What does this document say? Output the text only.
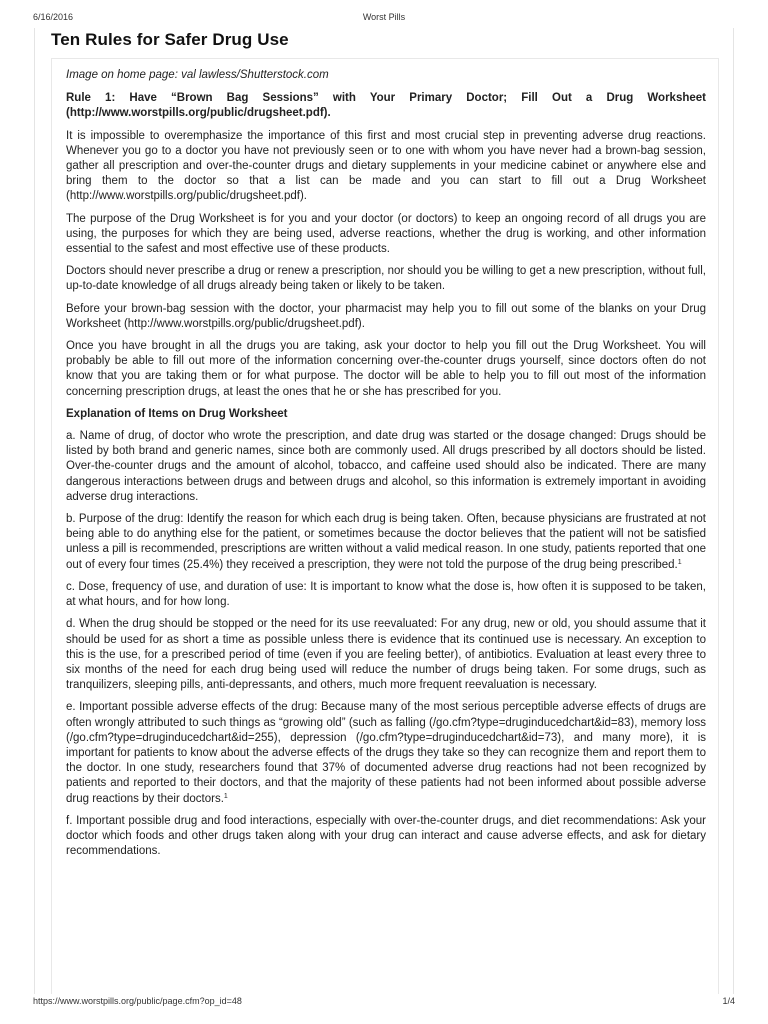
6/16/2016	Worst Pills
Ten Rules for Safer Drug Use

Image on home page: val lawless/Shutterstock.com

Rule 1: Have “Brown Bag Sessions” with Your Primary Doctor; Fill Out a Drug Worksheet (http://www.worstpills.org/public/drugsheet.pdf).

It is impossible to overemphasize the importance of this first and most crucial step in preventing adverse drug reactions. Whenever you go to a doctor you have not previously seen or to one with whom you have never had a brown-bag session, gather all prescription and over-the-counter drugs and dietary supplements in your medicine cabinet or anywhere else and bring them to the doctor so that a list can be made and you can start to fill out a Drug Worksheet (http://www.worstpills.org/public/drugsheet.pdf).

The purpose of the Drug Worksheet is for you and your doctor (or doctors) to keep an ongoing record of all drugs you are using, the purposes for which they are being used, adverse reactions, whether the drug is working, and other information essential to the safest and most effective use of these products.

Doctors should never prescribe a drug or renew a prescription, nor should you be willing to get a new prescription, without full, up-to-date knowledge of all drugs already being taken or likely to be taken.

Before your brown-bag session with the doctor, your pharmacist may help you to fill out some of the blanks on your Drug Worksheet (http://www.worstpills.org/public/drugsheet.pdf).

Once you have brought in all the drugs you are taking, ask your doctor to help you fill out the Drug Worksheet. You will probably be able to fill out more of the information concerning over-the-counter drugs yourself, since doctors often do not know that you are taking them or for what purpose. The doctor will be able to help you to fill out most of the information concerning prescription drugs, at least the ones that he or she has prescribed for you.

Explanation of Items on Drug Worksheet

a. Name of drug, of doctor who wrote the prescription, and date drug was started or the dosage changed: Drugs should be listed by both brand and generic names, since both are commonly used. All drugs prescribed by all doctors should be listed. Over-the-counter drugs and the amount of alcohol, tobacco, and caffeine used should also be indicated. There are many dangerous interactions between drugs and between drugs and alcohol, so this information is extremely important in avoiding adverse drug interactions.

b. Purpose of the drug: Identify the reason for which each drug is being taken. Often, because physicians are frustrated at not being able to do anything else for the patient, or sometimes because the doctor believes that the patient will not be satisfied unless a pill is recommended, prescriptions are written without a valid medical reason. In one study, patients reported that one out of every four times (25.4%) they received a prescription, they were not told the purpose of the drug being prescribed.$^1$

c. Dose, frequency of use, and duration of use: It is important to know what the dose is, how often it is supposed to be taken, at what hours, and for how long.

d. When the drug should be stopped or the need for its use reevaluated: For any drug, new or old, you should assume that it should be used for as short a time as possible unless there is evidence that its continued use is necessary. An exception to this is the use, for a prescribed period of time (even if you are feeling better), of antibiotics. Evaluation at least every three to six months of the need for each drug being used will reduce the number of drugs being taken. For some drugs, such as tranquilizers, sleeping pills, anti-depressants, and others, much more frequent reevaluation is necessary.

e. Important possible adverse effects of the drug: Because many of the most serious perceptible adverse effects of drugs are often wrongly attributed to such things as “growing old” (such as falling (/go.cfm?type=druginducedchart&id=83), memory loss (/go.cfm?type=druginducedchart&id=255), depression (/go.cfm?type=druginducedchart&id=73), and many more), it is important for patients to know about the adverse effects of the drugs they take so they can recognize them and report them to the doctor. In one study, researchers found that 37% of documented adverse drug reactions had not been recognized by patients and reported to their doctors, and that the majority of these patients had not been informed about possible adverse drug reactions by their doctors.$^1$

f. Important possible drug and food interactions, especially with over-the-counter drugs, and diet recommendations: Ask your doctor which foods and other drugs taken along with your drug can interact and cause adverse effects, and ask for dietary recommendations.

https://www.worstpills.org/public/page.cfm?op_id=48	1/4
